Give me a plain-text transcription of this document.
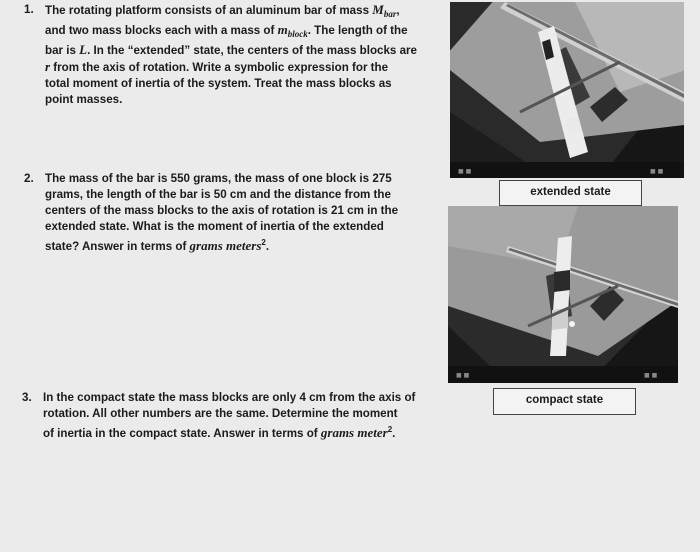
1. The rotating platform consists of an aluminum bar of mass $M_{bar}$,
and two mass blocks each with a mass of $m_{block}$. The length of the
bar is L. In the “extended” state, the centers of the mass blocks are
r from the axis of rotation. Write a symbolic expression for the
total moment of inertia of the system. Treat the mass blocks as
point masses.
2. The mass of the bar is 550 grams, the mass of one block is 275
grams, the length of the bar is 50 cm and the distance from the
centers of the mass blocks to the axis of rotation is 21 cm in the
extended state. What is the moment of inertia of the extended
state? Answer in terms of grams meters$^2$.
3. In the compact state the mass blocks are only 4 cm from the axis of
rotation. All other numbers are the same. Determine the moment
of inertia in the compact state. Answer in terms of grams meter$^2$.
■ ■	■ ■
extended state
■ ■	■ ■
compact state
